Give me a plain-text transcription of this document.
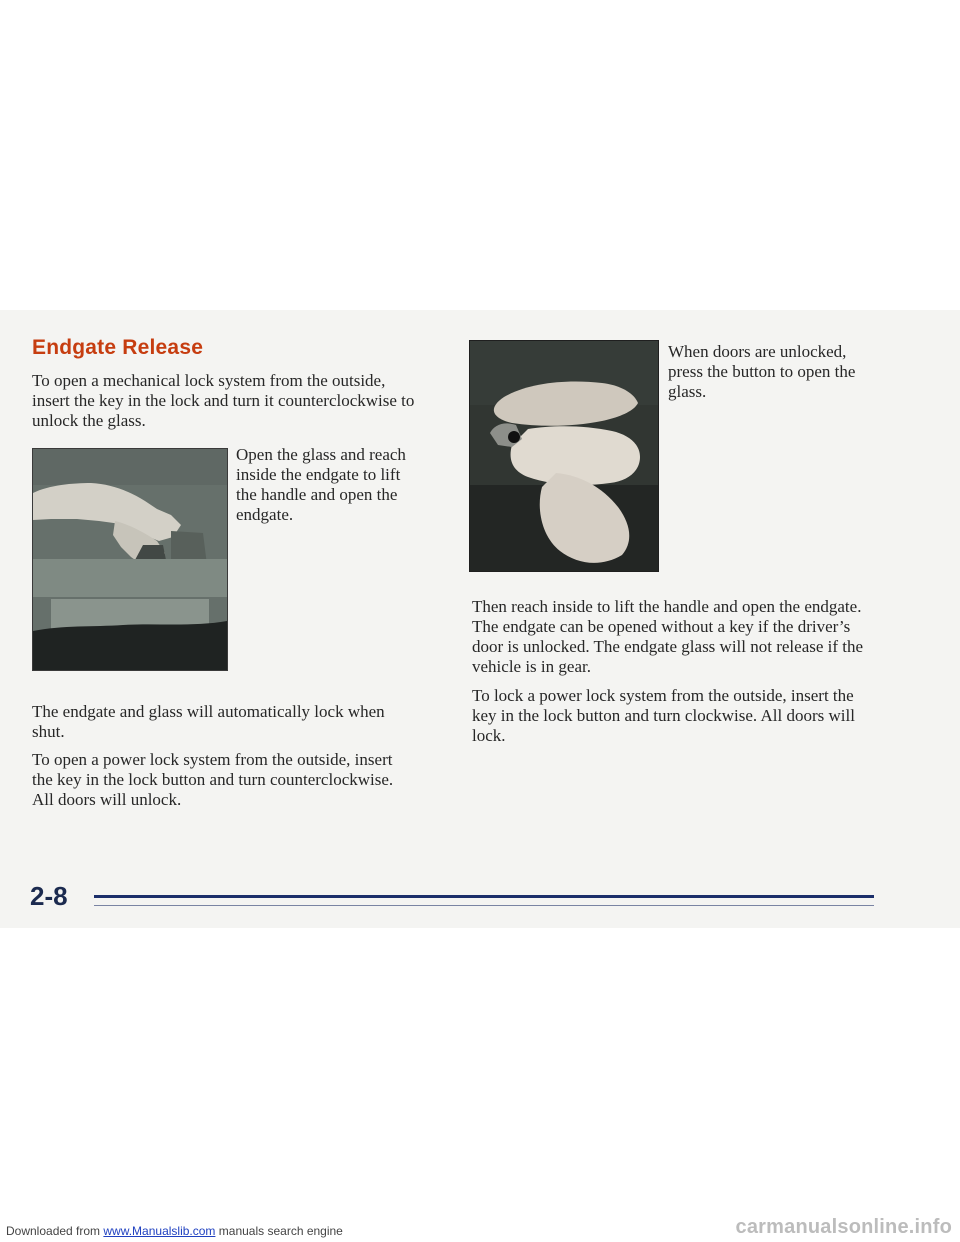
Endgate Release

To open a mechanical lock system from the outside, insert the key in the lock and turn it counterclockwise to unlock the glass.

Open the glass and reach inside the endgate to lift the handle and open the endgate.

The endgate and glass will automatically lock when shut.

To open a power lock system from the outside, insert the key in the lock button and turn counterclockwise. All doors will unlock.

When doors are unlocked, press the button to open the glass.

Then reach inside to lift the handle and open the endgate. The endgate can be opened without a key if the driver’s door is unlocked. The endgate glass will not release if the vehicle is in gear.

To lock a power lock system from the outside, insert the key in the lock button and turn clockwise. All doors will lock.

2-8

Downloaded from www.Manualslib.com manuals search engine	carmanualsonline.info
